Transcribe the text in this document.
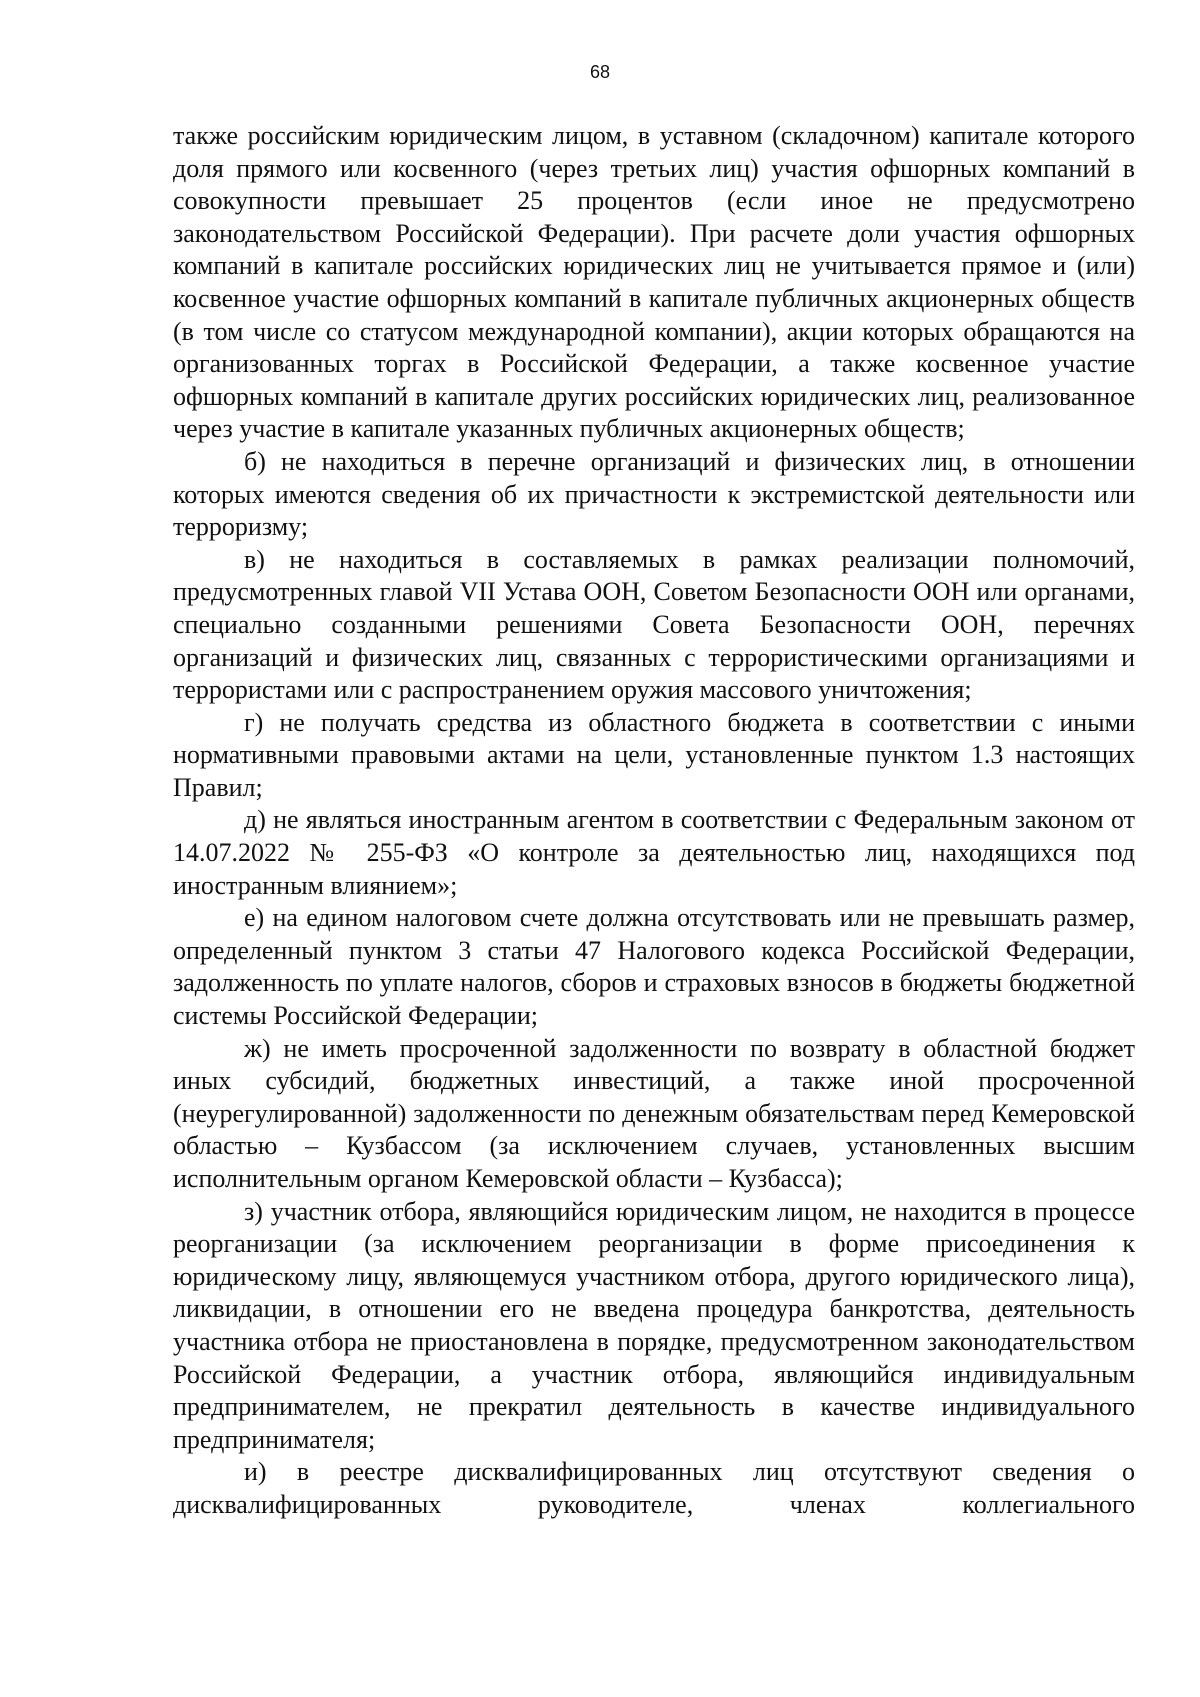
68

также российским юридическим лицом, в уставном (складочном) капитале которого доля прямого или косвенного (через третьих лиц) участия офшорных компаний в совокупности превышает 25 процентов (если иное не предусмотрено законодательством Российской Федерации). При расчете доли участия офшорных компаний в капитале российских юридических лиц не учитывается прямое и (или) косвенное участие офшорных компаний в капитале публичных акционерных обществ (в том числе со статусом международной компании), акции которых обращаются на организованных торгах в Российской Федерации, а также косвенное участие офшорных компаний в капитале других российских юридических лиц, реализованное через участие в капитале указанных публичных акционерных обществ;

б) не находиться в перечне организаций и физических лиц, в отношении которых имеются сведения об их причастности к экстремистской деятельности или терроризму;

в) не находиться в составляемых в рамках реализации полномочий, предусмотренных главой VII Устава ООН, Советом Безопасности ООН или органами, специально созданными решениями Совета Безопасности ООН, перечнях организаций и физических лиц, связанных с террористическими организациями и террористами или с распространением оружия массового уничтожения;

г) не получать средства из областного бюджета в соответствии с иными нормативными правовыми актами на цели, установленные пунктом 1.3 настоящих Правил;

д) не являться иностранным агентом в соответствии с Федеральным законом от 14.07.2022 № 255-ФЗ «О контроле за деятельностью лиц, находящихся под иностранным влиянием»;

е) на едином налоговом счете должна отсутствовать или не превышать размер, определенный пунктом 3 статьи 47 Налогового кодекса Российской Федерации, задолженность по уплате налогов, сборов и страховых взносов в бюджеты бюджетной системы Российской Федерации;

ж) не иметь просроченной задолженности по возврату в областной бюджет иных субсидий, бюджетных инвестиций, а также иной просроченной (неурегулированной) задолженности по денежным обязательствам перед Кемеровской областью – Кузбассом (за исключением случаев, установленных высшим исполнительным органом Кемеровской области – Кузбасса);

з) участник отбора, являющийся юридическим лицом, не находится в процессе реорганизации (за исключением реорганизации в форме присоединения к юридическому лицу, являющемуся участником отбора, другого юридического лица), ликвидации, в отношении его не введена процедура банкротства, деятельность участника отбора не приостановлена в порядке, предусмотренном законодательством Российской Федерации, а участник отбора, являющийся индивидуальным предпринимателем, не прекратил деятельность в качестве индивидуального предпринимателя;

и) в реестре дисквалифицированных лиц отсутствуют сведения о дисквалифицированных руководителе, членах коллегиального
